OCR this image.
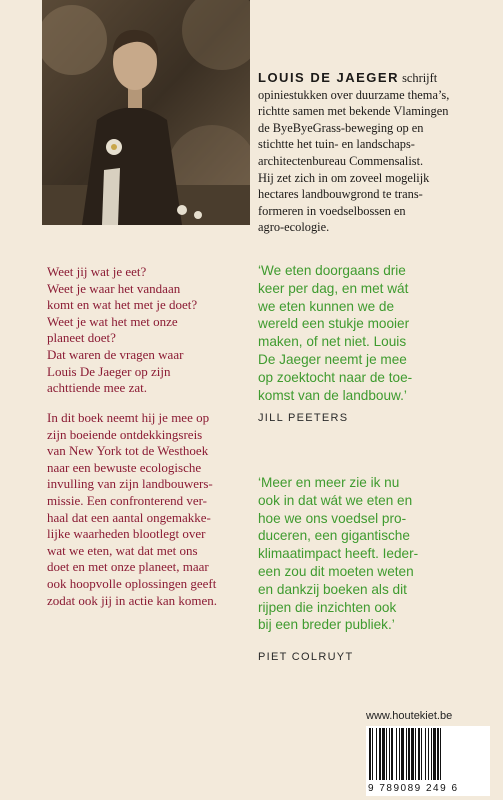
LOUIS DE JAEGER schrijft
opiniestukken over duurzame thema’s,
richtte samen met bekende Vlamingen
de ByeByeGrass-beweging op en
stichtte het tuin- en landschaps-
architectenbureau Commensalist.
Hij zet zich in om zoveel mogelijk
hectares landbouwgrond te trans-
formeren in voedselbossen en
agro-ecologie.
Weet jij wat je eet?
Weet je waar het vandaan
komt en wat het met je doet?
Weet je wat het met onze
planeet doet?
Dat waren de vragen waar
Louis De Jaeger op zijn
achttiende mee zat.
In dit boek neemt hij je mee op
zijn boeiende ontdekkingsreis
van New York tot de Westhoek
naar een bewuste ecologische
invulling van zijn landbouwers-
missie. Een confronterend ver-
haal dat een aantal ongemakke-
lijke waarheden blootlegt over
wat we eten, wat dat met ons
doet en met onze planeet, maar
ook hoopvolle oplossingen geeft
zodat ook jij in actie kan komen.
‘We eten doorgaans drie
keer per dag, en met wát
we eten kunnen we de
wereld een stukje mooier
maken, of net niet. Louis
De Jaeger neemt je mee
op zoektocht naar de toe-
komst van de landbouw.’
JILL PEETERS
‘Meer en meer zie ik nu
ook in dat wát we eten en
hoe we ons voedsel pro-
duceren, een gigantische
klimaatimpact heeft. Ieder-
een zou dit moeten weten
en dankzij boeken als dit
rijpen die inzichten ook
bij een breder publiek.’
PIET COLRUYT
www.houtekiet.be
9 789089 249 6
